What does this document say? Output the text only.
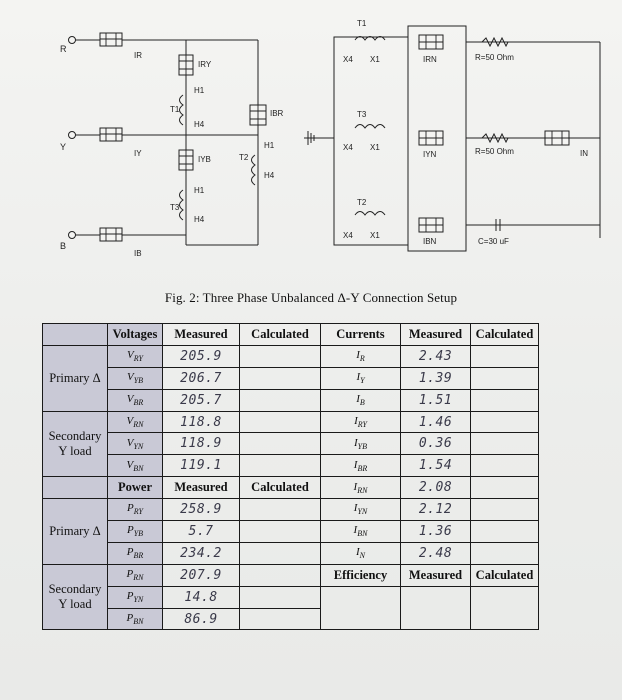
R
Y
B
IR
IY
IB
IRY
IYB
IBR
T1
T2
T3
T1
T3
T2
H1
H4
H1
H4
H1
H4
X4 X1
X4 X1
X4 X1
IRN
IYN
IBN
IN
R=50 Ohm
R=50 Ohm
C=30 uF
Fig. 2: Three Phase Unbalanced Δ-Y Connection Setup
	Voltages	Measured	Calculated	Currents	Measured	Calculated
Primary Δ	$V_{RY}$	205.9		$I_R$	2.43	
	$V_{YB}$	206.7		$I_Y$	1.39	
	$V_{BR}$	205.7		$I_B$	1.51	
Secondary Y load	$V_{RN}$	118.8		$I_{RY}$	1.46	
	$V_{YN}$	118.9		$I_{YB}$	0.36	
	$V_{BN}$	119.1		$I_{BR}$	1.54	
	Power	Measured	Calculated	$I_{RN}$	2.08	
Primary Δ	$P_{RY}$	258.9		$I_{YN}$	2.12	
	$P_{YB}$	5.7		$I_{BN}$	1.36	
	$P_{BR}$	234.2		$I_N$	2.48	
Secondary Y load	$P_{RN}$	207.9		Efficiency	Measured	Calculated
	$P_{YN}$	14.8				
	$P_{BN}$	86.9				
